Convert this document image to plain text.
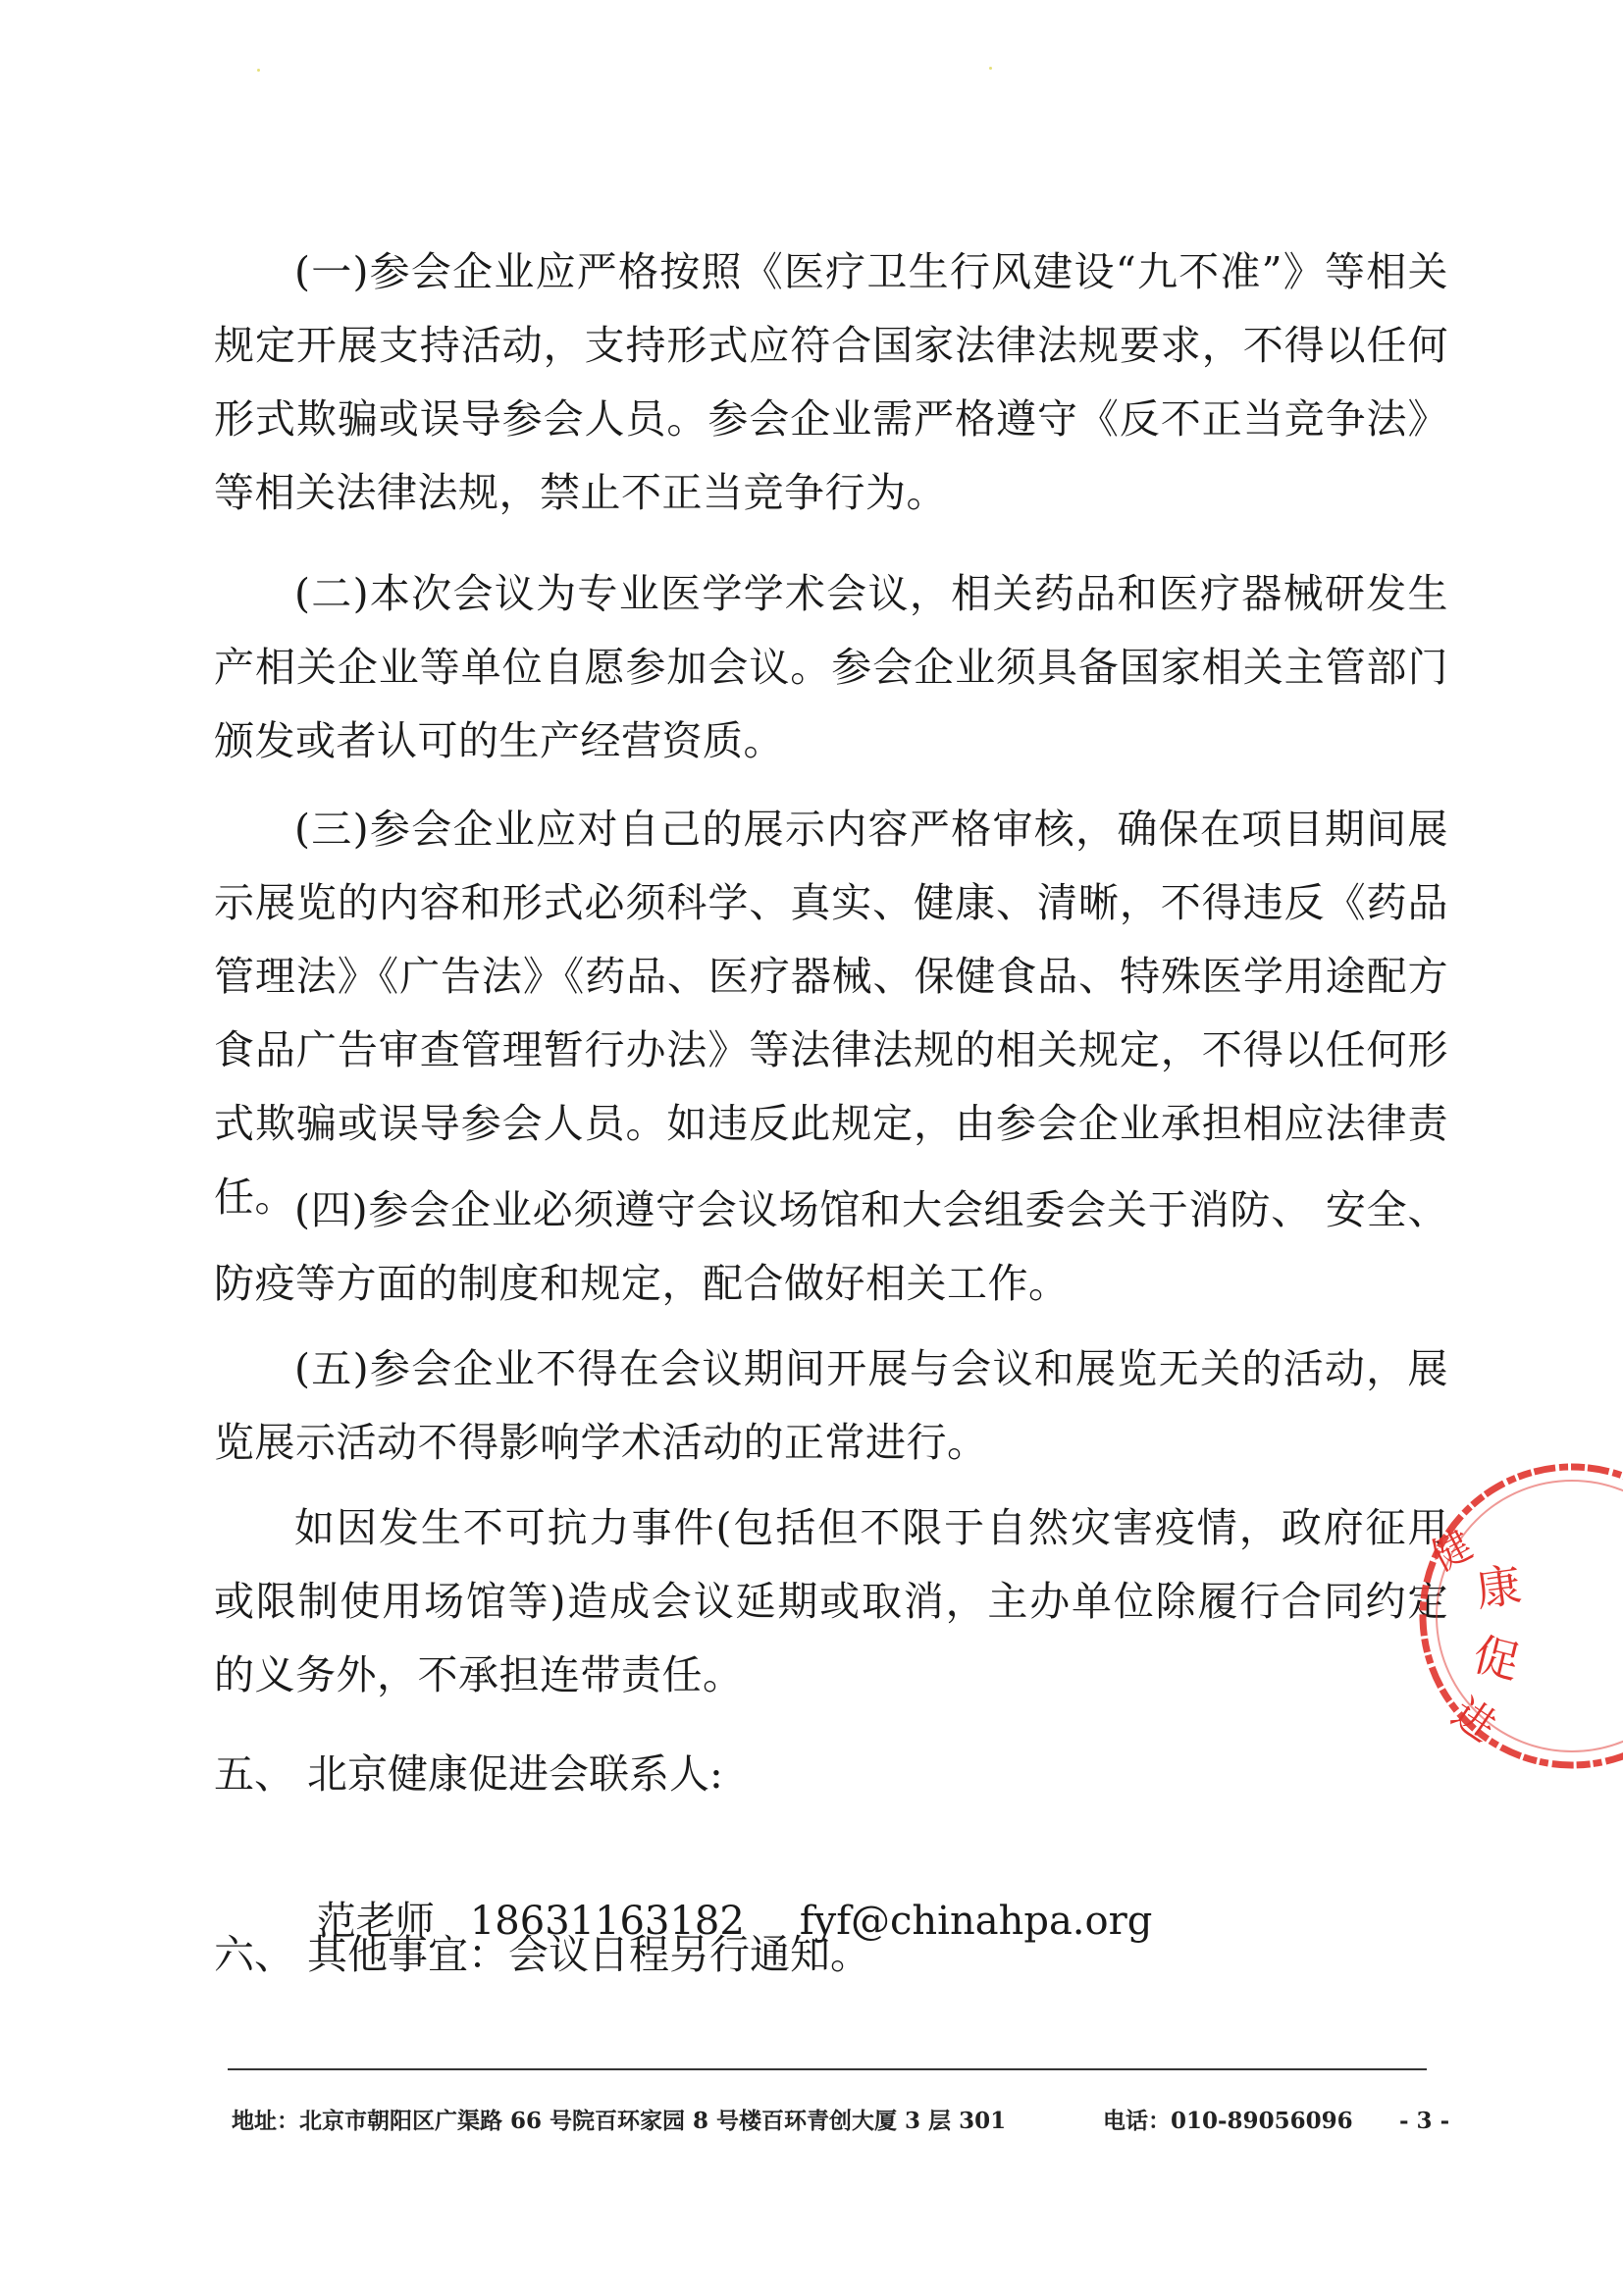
(一)参会企业应严格按照《医疗卫生行风建设“九不准”》等相关规定开展支持活动，支持形式应符合国家法律法规要求，不得以任何形式欺骗或误导参会人员。参会企业需严格遵守《反不正当竞争法》等相关法律法规，禁止不正当竞争行为。

(二)本次会议为专业医学学术会议，相关药品和医疗器械研发生产相关企业等单位自愿参加会议。参会企业须具备国家相关主管部门颁发或者认可的生产经营资质。

(三)参会企业应对自己的展示内容严格审核，确保在项目期间展示展览的内容和形式必须科学、真实、健康、清晰，不得违反《药品管理法》《广告法》《药品、医疗器械、保健食品、特殊医学用途配方食品广告审查管理暂行办法》等法律法规的相关规定，不得以任何形式欺骗或误导参会人员。如违反此规定，由参会企业承担相应法律责任。 (四)参会企业必须遵守会议场馆和大会组委会关于消防、 安全、防疫等方面的制度和规定，配合做好相关工作。

(五)参会企业不得在会议期间开展与会议和展览无关的活动，展览展示活动不得影响学术活动的正常进行。

如因发生不可抗力事件(包括但不限于自然灾害疫情，政府征用或限制使用场馆等)造成会议延期或取消，主办单位除履行合同约定的义务外，不承担连带责任。

五、 北京健康促进会联系人:

范老师 18631163182 fyf@chinahpa.org

六、 其他事宜：会议日程另行通知。
地址：北京市朝阳区广渠路 66 号院百环家园 8 号楼百环青创大厦 3 层 301	电话：010-89056096 - 3 -
健
康
促
进
